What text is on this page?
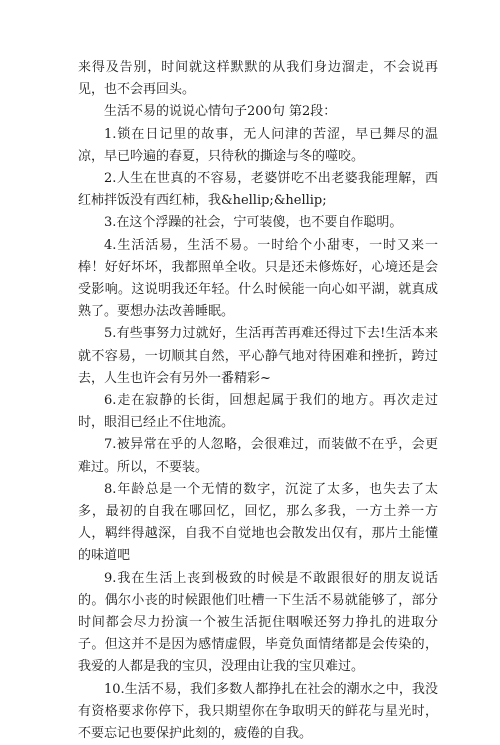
来得及告别，时间就这样默默的从我们身边溜走，不会说再见，也不会再回头。

生活不易的说说心情句子200句 第2段：

1.锁在日记里的故事，无人问津的苦涩，早已舞尽的温凉，早已吟遍的春夏，只待秋的撕途与冬的噬咬。

2.人生在世真的不容易，老婆饼吃不出老婆我能理解，西红柿拌饭没有西红柿，我&hellip;&hellip;

3.在这个浮躁的社会，宁可装傻，也不要自作聪明。

4.生活活易，生活不易。一时给个小甜枣，一时又来一棒！好好坏坏，我都照单全收。只是还未修炼好，心境还是会受影响。这说明我还年轻。什么时候能一向心如平湖，就真成熟了。要想办法改善睡眠。

5.有些事努力过就好，生活再苦再难还得过下去!生活本来就不容易，一切顺其自然，平心静气地对待困难和挫折，跨过去，人生也许会有另外一番精彩~

6.走在寂静的长街，回想起属于我们的地方。再次走过时，眼泪已经止不住地流。

7.被异常在乎的人忽略，会很难过，而装做不在乎，会更难过。所以，不要装。

8.年龄总是一个无情的数字，沉淀了太多，也失去了太多，最初的自我在哪回忆，回忆，那么多我，一方土养一方人，羁绊得越深，自我不自觉地也会散发出仅有，那片土能懂的味道吧

9.我在生活上丧到极致的时候是不敢跟很好的朋友说话的。偶尔小丧的时候跟他们吐槽一下生活不易就能够了，部分时间都会尽力扮演一个被生活扼住咽喉还努力挣扎的进取分子。但这并不是因为感情虚假，毕竟负面情绪都是会传染的，我爱的人都是我的宝贝，没理由让我的宝贝难过。

10.生活不易，我们多数人都挣扎在社会的潮水之中，我没有资格要求你停下，我只期望你在争取明天的鲜花与星光时，不要忘记也要保护此刻的，疲倦的自我。
